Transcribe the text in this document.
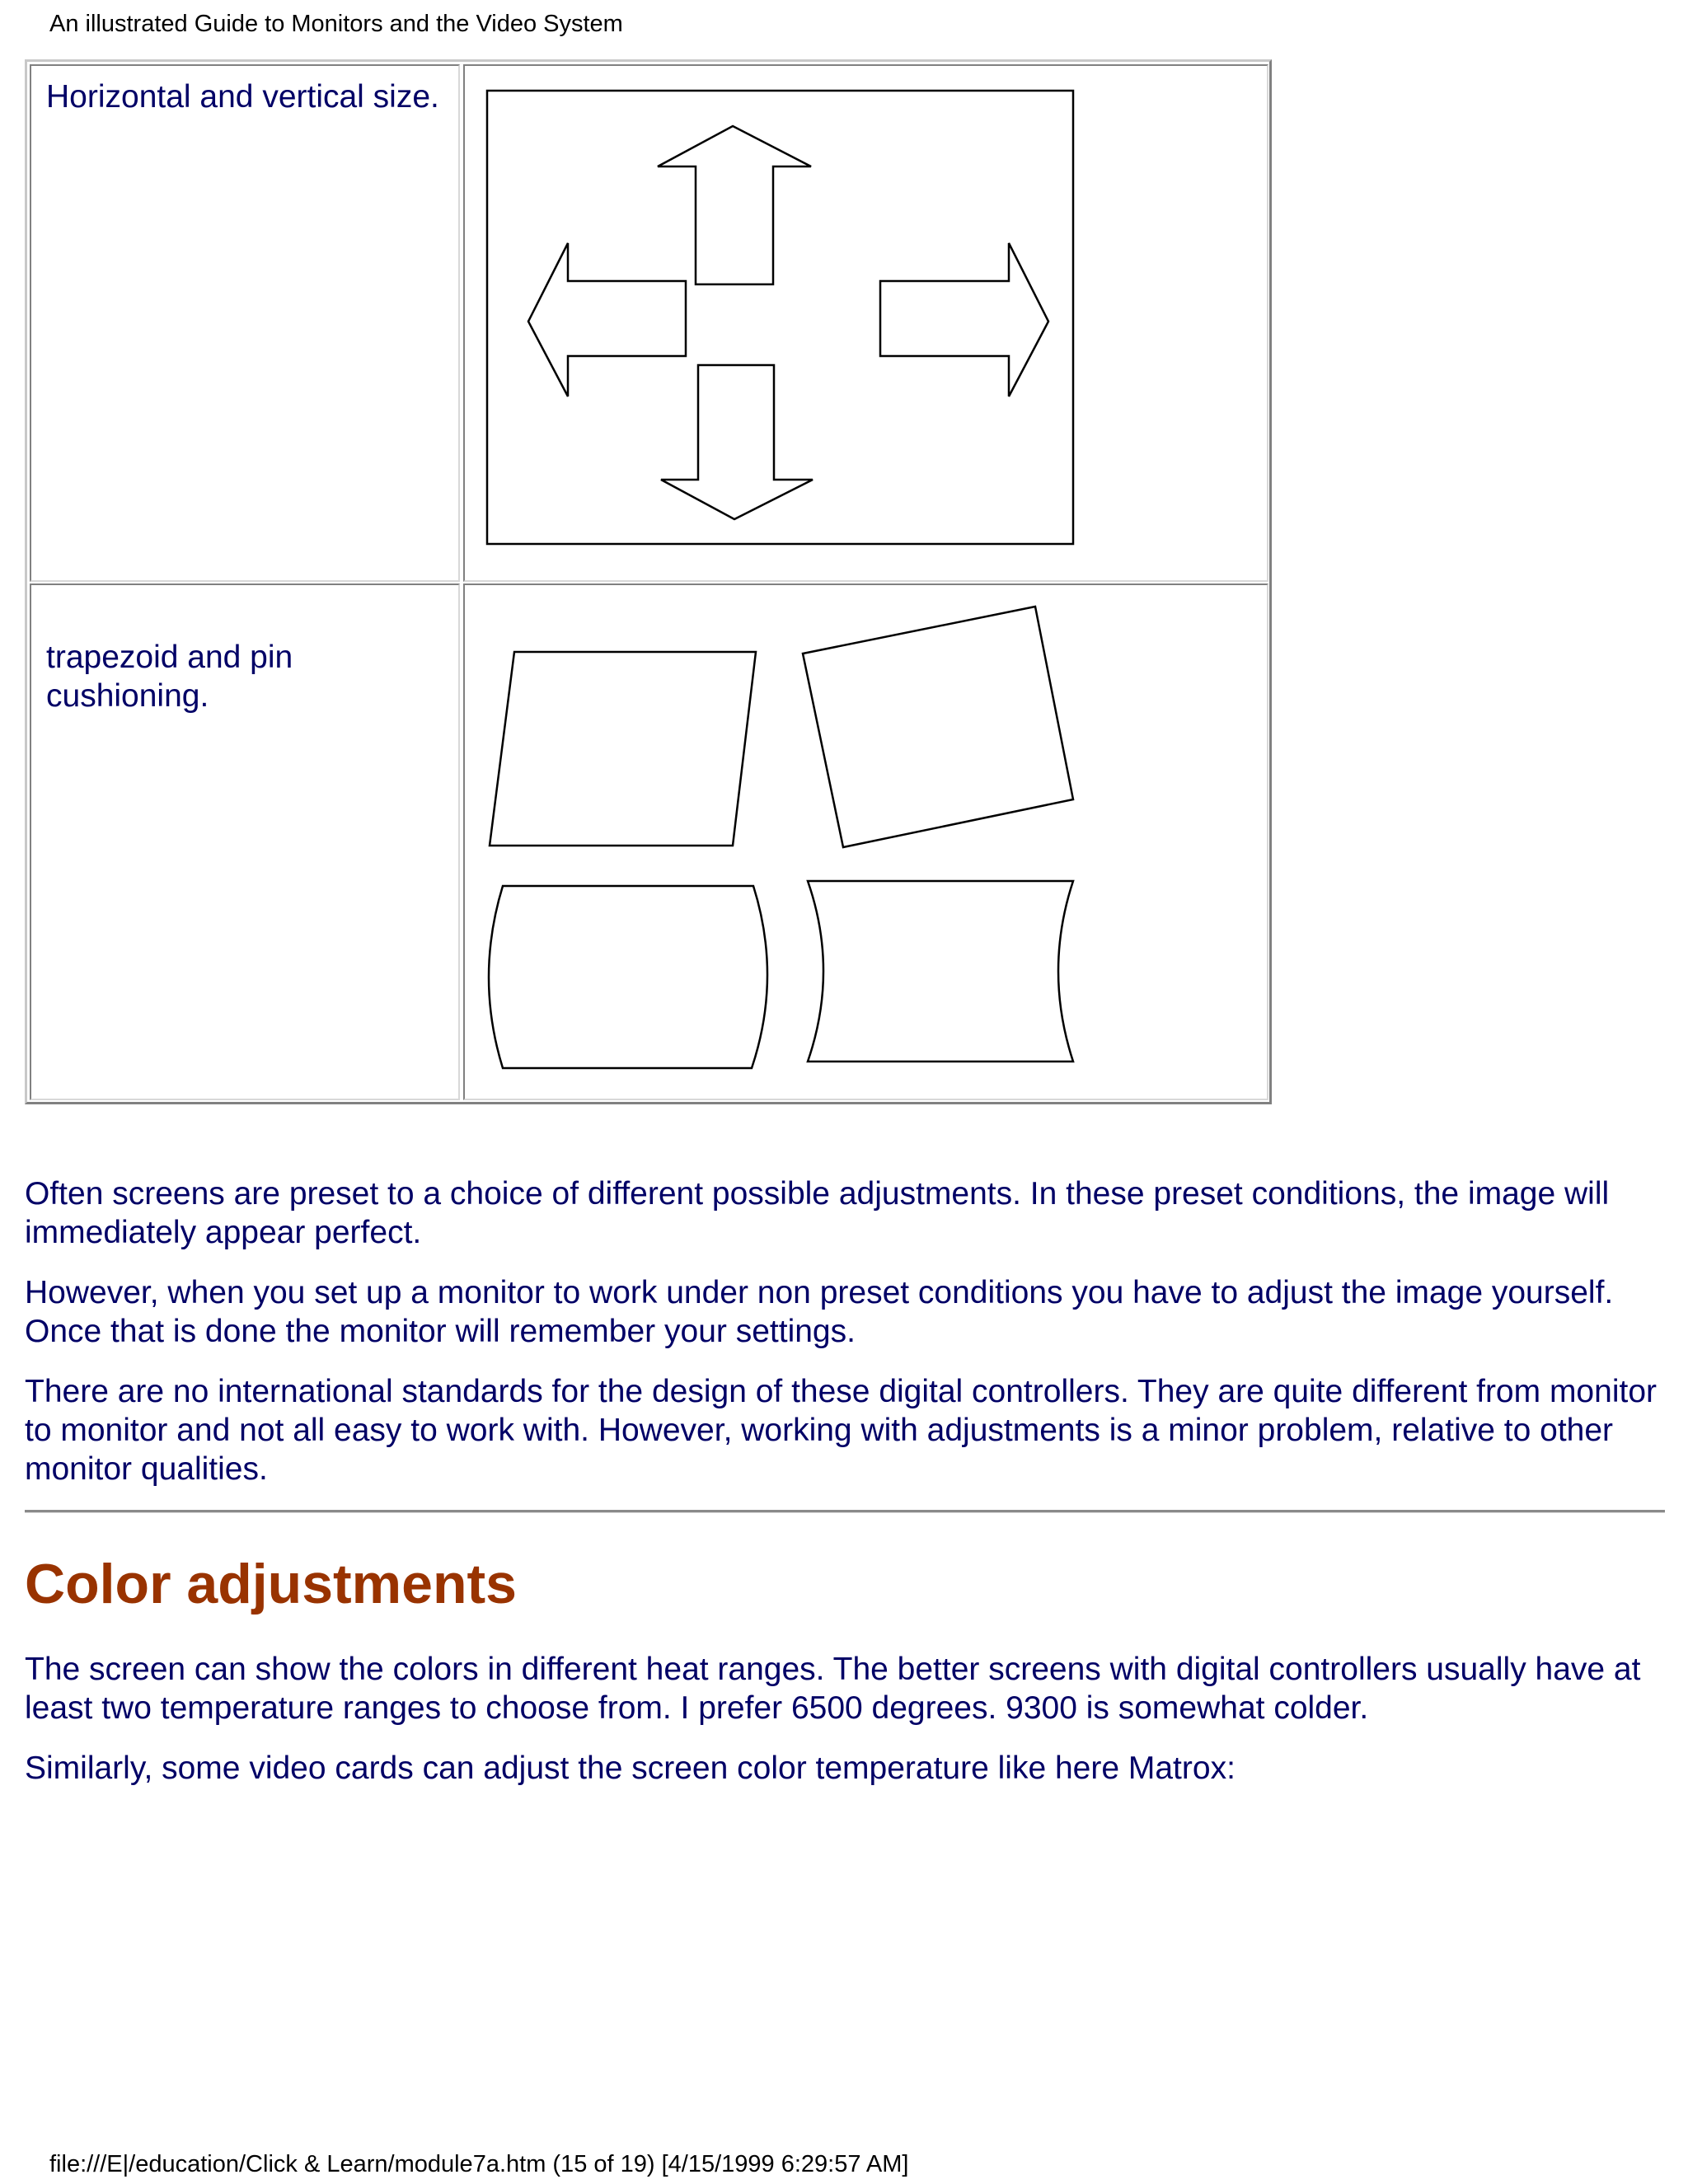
An illustrated Guide to Monitors and the Video System
Horizontal and vertical size.
trapezoid and pin cushioning.

Often screens are preset to a choice of different possible adjustments. In these preset conditions, the image will immediately appear perfect.

However, when you set up a monitor to work under non preset conditions you have to adjust the image yourself. Once that is done the monitor will remember your settings.

There are no international standards for the design of these digital controllers. They are quite different from monitor to monitor and not all easy to work with. However, working with adjustments is a minor problem, relative to other monitor qualities.

Color adjustments

The screen can show the colors in different heat ranges. The better screens with digital controllers usually have at least two temperature ranges to choose from. I prefer 6500 degrees. 9300 is somewhat colder.

Similarly, some video cards can adjust the screen color temperature like here Matrox:

file:///E|/education/Click & Learn/module7a.htm (15 of 19) [4/15/1999 6:29:57 AM]
